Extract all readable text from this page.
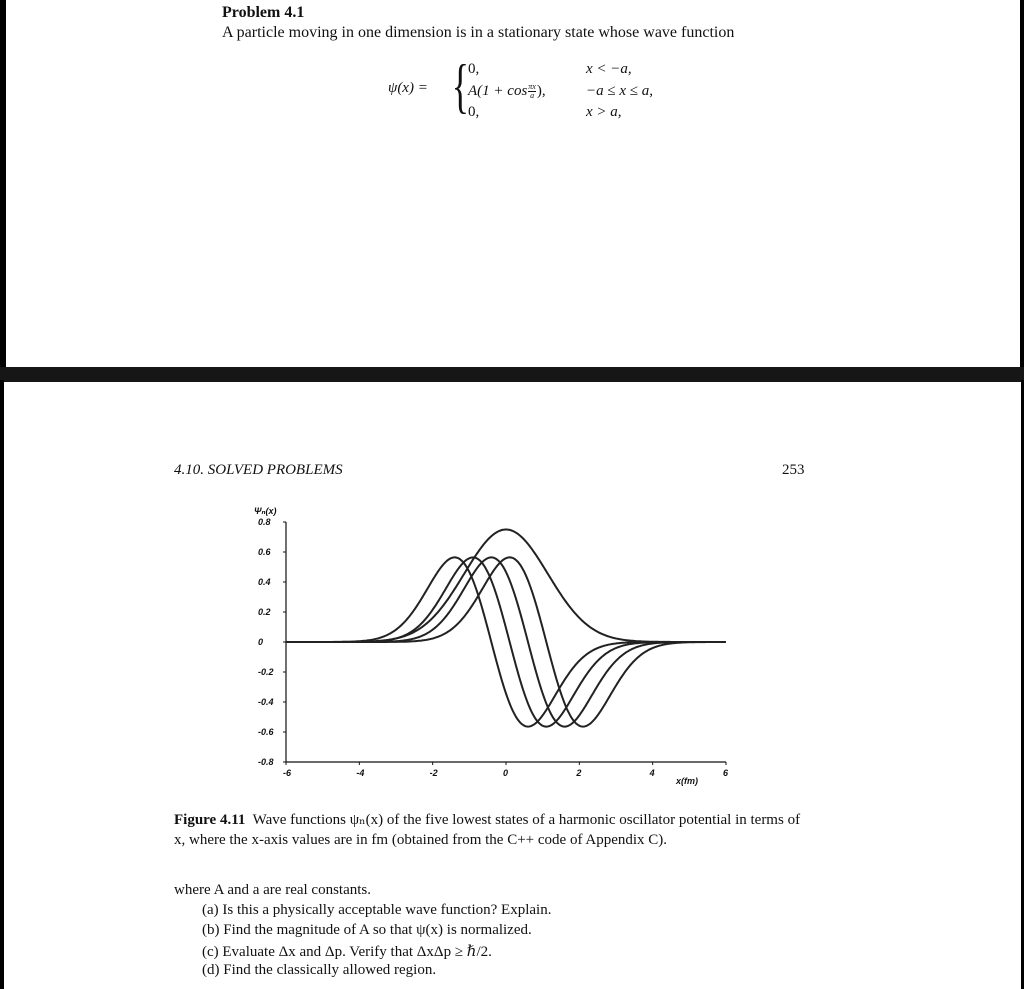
Problem 4.1
A particle moving in one dimension is in a stationary state whose wave function
ψ(x) = {
0,	x < −a,
$A(1 + \cos \frac{\pi x}{a}$ ),	−a ≤ x ≤ a,
0,	x > a,
4.10. SOLVED PROBLEMS	253
Ψₙ(x)
x(fm)
0.8
0.6
0.4
0.2
0
-0.2
-0.4
-0.6
-0.8
-6	-4	-2	0	2	4	6
Figure 4.11 Wave functions ψₙ(x) of the five lowest states of a harmonic oscillator potential in terms of x, where the x-axis values are in fm (obtained from the C++ code of Appendix C).
where A and a are real constants.
(a) Is this a physically acceptable wave function? Explain.
(b) Find the magnitude of A so that ψ(x) is normalized.
(c) Evaluate Δx and Δp. Verify that ΔxΔp ≥ ℏ/2.
(d) Find the classically allowed region.
